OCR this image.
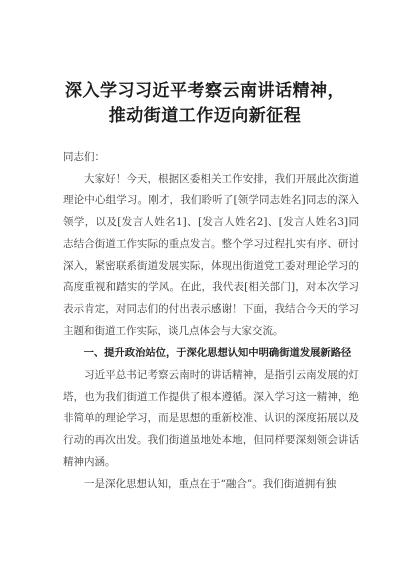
深入学习习近平考察云南讲话精神，
推动街道工作迈向新征程

同志们：

大家好！今天，根据区委相关工作安排，我们开展此次街道理论中心组学习。刚才，我们聆听了[领学同志姓名]同志的深入领学，以及[发言人姓名1]、[发言人姓名2]、[发言人姓名3]同志结合街道工作实际的重点发言。整个学习过程扎实有序、研讨深入，紧密联系街道发展实际，体现出街道党工委对理论学习的高度重视和踏实的学风。在此，我代表[相关部门]，对本次学习表示肯定，对同志们的付出表示感谢！下面，我结合今天的学习主题和街道工作实际，谈几点体会与大家交流。

一、提升政治站位，于深化思想认知中明确街道发展新路径

习近平总书记考察云南时的讲话精神，是指引云南发展的灯塔，也为我们街道工作提供了根本遵循。深入学习这一精神，绝非简单的理论学习，而是思想的重新校准、认识的深度拓展以及行动的再次出发。我们街道虽地处本地，但同样要深刻领会讲话精神内涵。

一是深化思想认知，重点在于“融合”。我们街道拥有独
